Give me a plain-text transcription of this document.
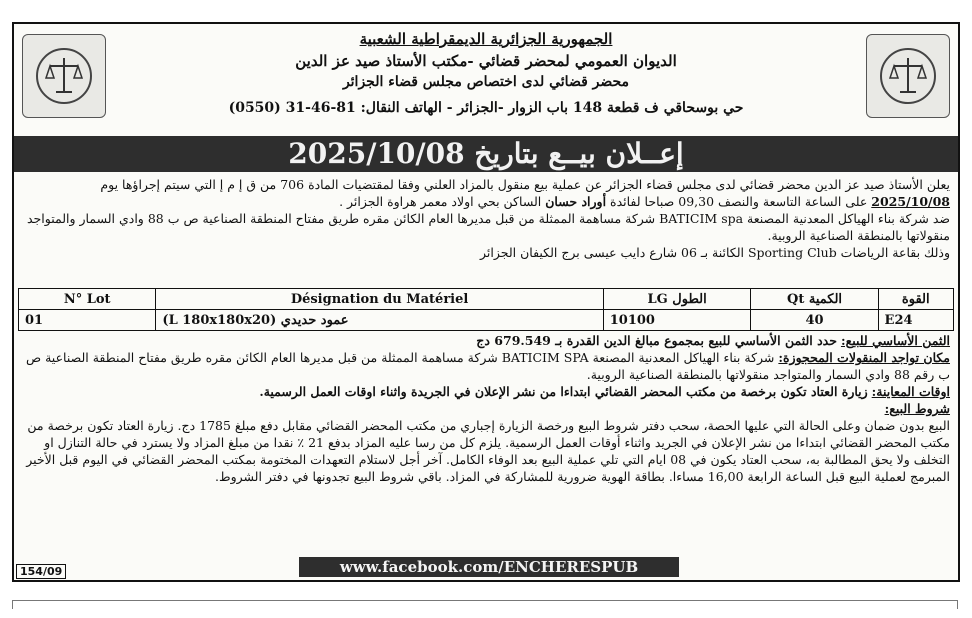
الجمهورية الجزائرية الديمقراطية الشعبية
الديوان العمومي لمحضر قضائي -مكتب الأستاذ صيد عز الدين
محضر قضائي لدى اختصاص مجلس قضاء الجزائر
حي بوسحاقي ف قطعة 148 باب الزوار -الجزائر - الهاتف النقال: 81-46-31 (0550)
إعــلان بيــع بتاريخ 2025/10/08
يعلن الأستاذ صيد عز الدين محضر قضائي لدى مجلس قضاء الجزائر عن عملية بيع منقول بالمزاد العلني وفقا لمقتضيات المادة 706 من ق إ م إ التي سيتم إجراؤها يوم 2025/10/08 على الساعة التاسعة والنصف 09,30 صباحا لفائدة أوراد حسان الساكن بحي اولاد معمر هراوة الجزائر .
ضد شركة بناء الهياكل المعدنية المصنعة BATICIM spa شركة مساهمة الممثلة من قبل مديرها العام الكائن مقره طريق مفتاح المنطقة الصناعية ص ب 88 وادي السمار والمتواجد منقولاتها بالمنطقة الصناعية الروبية.
وذلك بقاعة الرياضات Sporting Club الكائنة بـ 06 شارع دايب عيسى برج الكيفان الجزائر
N° Lot	Désignation du Matériel	LG الطول	Qt الكمية	القوة
01	عمود حديدي (L 180x180x20)	10100	40	E24
الثمن الأساسي للبيع: حدد الثمن الأساسي للبيع بمجموع مبالغ الدين القدرة بـ 679.549 دج
مكان تواجد المنقولات المحجوزة: شركة بناء الهياكل المعدنية المصنعة BATICIM SPA شركة مساهمة الممثلة من قبل مديرها العام الكائن مقره طريق مفتاح المنطقة الصناعية ص ب رقم 88 وادي السمار والمتواجد منقولاتها بالمنطقة الصناعية الروبية.
اوقات المعاينة: زيارة العتاد تكون برخصة من مكتب المحضر القضائي ابتداءا من نشر الإعلان في الجريدة واثناء اوقات العمل الرسمية.
شروط البيع:
البيع بدون ضمان وعلى الحالة التي عليها الحصة، سحب دفتر شروط البيع ورخصة الزيارة إجباري من مكتب المحضر القضائي مقابل دفع مبلغ 1785 دج. زيارة العتاد تكون برخصة من مكتب المحضر القضائي ابتداءا من نشر الإعلان في الجريد واثناء أوقات العمل الرسمية. يلزم كل من رسا عليه المزاد بدفع 21 ٪ نقدا من مبلغ المزاد ولا يسترد في حالة التنازل او التخلف ولا يحق المطالبة به، سحب العتاد يكون في 08 ايام التي تلي عملية البيع بعد الوفاء الكامل. آخر أجل لاستلام التعهدات المختومة بمكتب المحضر القضائي في اليوم قبل الأخير المبرمج لعملية البيع قبل الساعة الرابعة 16,00 مساءا. بطاقة الهوية ضرورية للمشاركة في المزاد. باقي شروط البيع تجدونها في دفتر الشروط.
www.facebook.com/ENCHERESPUB
154/09
